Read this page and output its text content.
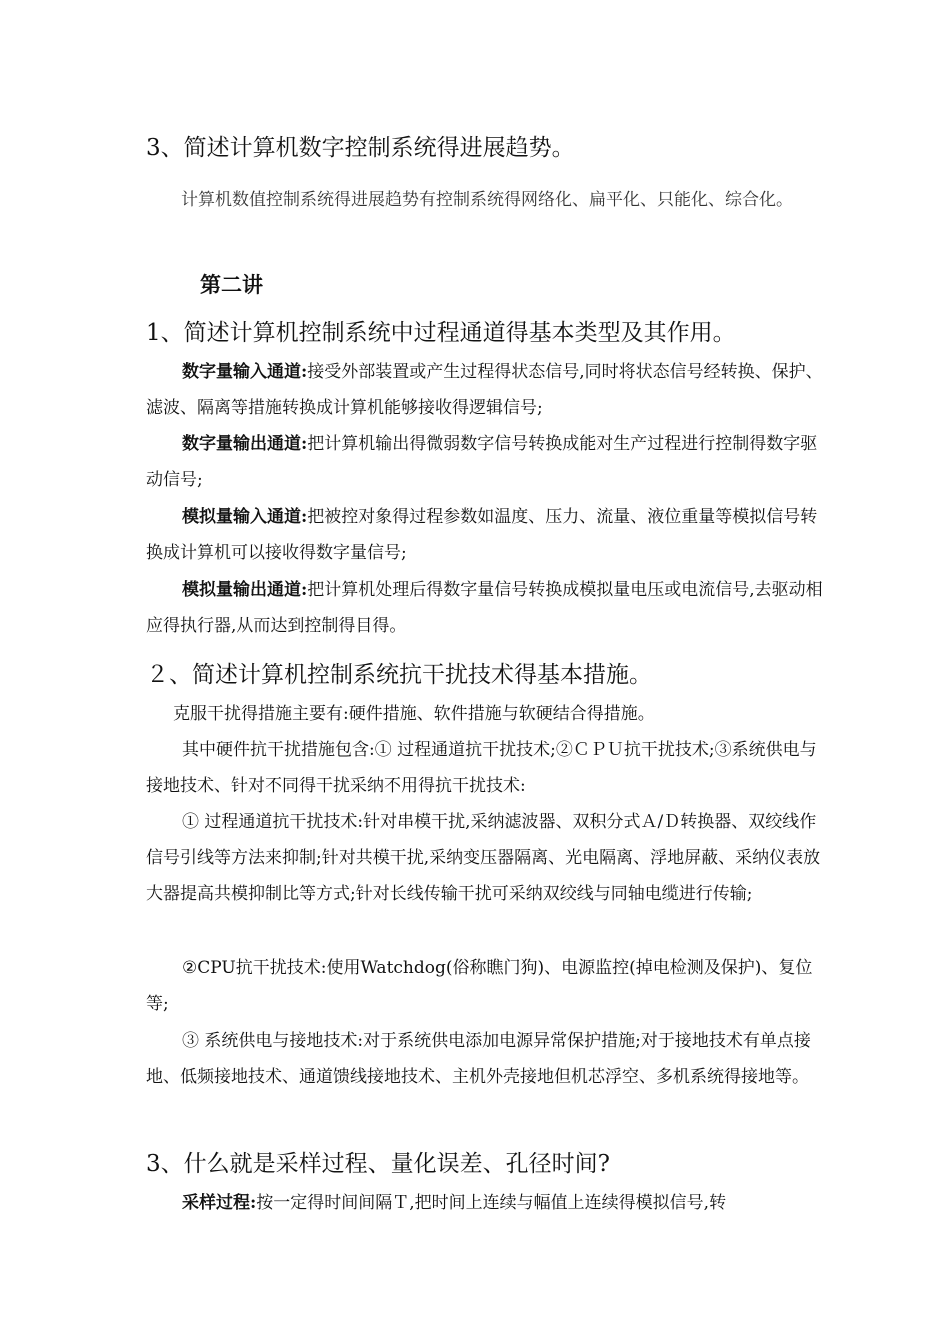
3、简述计算机数字控制系统得进展趋势。

计算机数值控制系统得进展趋势有控制系统得网络化、扁平化、只能化、综合化。

第二讲
1、简述计算机控制系统中过程通道得基本类型及其作用。

数字量输入通道:接受外部装置或产生过程得状态信号,同时将状态信号经转换、保护、滤波、隔离等措施转换成计算机能够接收得逻辑信号;

数字量输出通道:把计算机输出得微弱数字信号转换成能对生产过程进行控制得数字驱动信号;

模拟量输入通道:把被控对象得过程参数如温度、压力、流量、液位重量等模拟信号转换成计算机可以接收得数字量信号;

模拟量输出通道:把计算机处理后得数字量信号转换成模拟量电压或电流信号,去驱动相应得执行器,从而达到控制得目得。

２、简述计算机控制系统抗干扰技术得基本措施。

克服干扰得措施主要有:硬件措施、软件措施与软硬结合得措施。

其中硬件抗干扰措施包含:① 过程通道抗干扰技术;②ＣＰＵ抗干扰技术;③系统供电与接地技术、针对不同得干扰采纳不用得抗干扰技术:

① 过程通道抗干扰技术:针对串模干扰,采纳滤波器、双积分式Ａ/Ｄ转换器、双绞线作信号引线等方法来抑制;针对共模干扰,采纳变压器隔离、光电隔离、浮地屏蔽、采纳仪表放大器提高共模抑制比等方式;针对长线传输干扰可采纳双绞线与同轴电缆进行传输;

②CPU抗干扰技术:使用Watchdog(俗称瞧门狗)、电源监控(掉电检测及保护)、复位等;

③ 系统供电与接地技术:对于系统供电添加电源异常保护措施;对于接地技术有单点接地、低频接地技术、通道馈线接地技术、主机外壳接地但机芯浮空、多机系统得接地等。

3、什么就是采样过程、量化误差、孔径时间?

采样过程:按一定得时间间隔Ｔ,把时间上连续与幅值上连续得模拟信号,转
